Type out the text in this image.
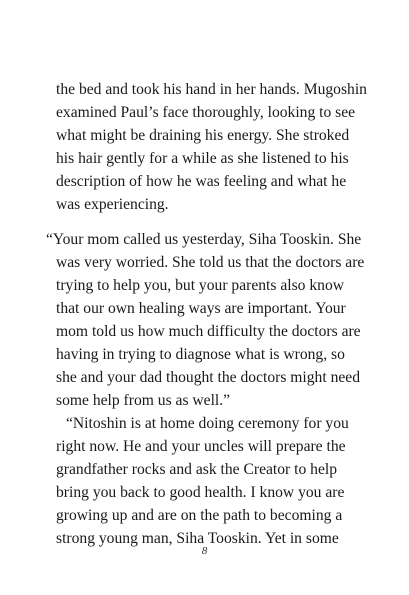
the bed and took his hand in her hands. Mugoshin

examined Paul’s face thoroughly, looking to see

what might be draining his energy. She stroked

his hair gently for a while as she listened to his

description of how he was feeling and what he

was experiencing.

“Your mom called us yesterday, Siha Tooskin. She

was very worried. She told us that the doctors are

trying to help you, but your parents also know

that our own healing ways are important. Your

mom told us how much difficulty the doctors are

having in trying to diagnose what is wrong, so

she and your dad thought the doctors might need

some help from us as well.”

“Nitoshin is at home doing ceremony for you

right now. He and your uncles will prepare the

grandfather rocks and ask the Creator to help

bring you back to good health. I know you are

growing up and are on the path to becoming a

strong young man, Siha Tooskin. Yet in some

8
